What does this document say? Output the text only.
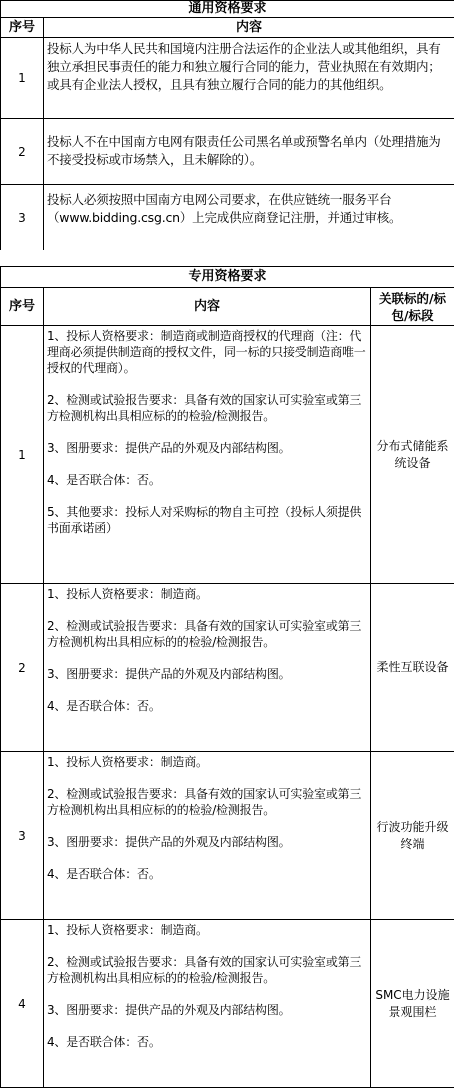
通用资格要求	
序号	内容
1	投标人为中华人民共和国境内注册合法运作的企业法人或其他组织，具有独立承担民事责任的能力和独立履行合同的能力，营业执照在有效期内；或具有企业法人授权，且具有独立履行合同的能力的其他组织。
2	投标人不在中国南方电网有限责任公司黑名单或预警名单内（处理措施为不接受投标或市场禁入，且未解除的）。
3	投标人必须按照中国南方电网公司要求，在供应链统一服务平台（www.bidding.csg.cn）上完成供应商登记注册，并通过审核。
专用资格要求		
序号	内容	关联标的/标包/标段
1	1、投标人资格要求：制造商或制造商授权的代理商（注：代理商必须提供制造商的授权文件，同一标的只接受制造商唯一授权的代理商）。

2、检测或试验报告要求：具备有效的国家认可实验室或第三方检测机构出具相应标的的检验/检测报告。

3、图册要求：提供产品的外观及内部结构图。

4、是否联合体：否。

5、其他要求：投标人对采购标的物自主可控（投标人须提供书面承诺函）	分布式储能系统设备
2	1、投标人资格要求：制造商。

2、检测或试验报告要求：具备有效的国家认可实验室或第三方检测机构出具相应标的的检验/检测报告。

3、图册要求：提供产品的外观及内部结构图。

4、是否联合体：否。	柔性互联设备
3	1、投标人资格要求：制造商。

2、检测或试验报告要求：具备有效的国家认可实验室或第三方检测机构出具相应标的的检验/检测报告。

3、图册要求：提供产品的外观及内部结构图。

4、是否联合体：否。	行波功能升级终端
4	1、投标人资格要求：制造商。

2、检测或试验报告要求：具备有效的国家认可实验室或第三方检测机构出具相应标的的检验/检测报告。

3、图册要求：提供产品的外观及内部结构图。

4、是否联合体：否。	SMC电力设施景观围栏
